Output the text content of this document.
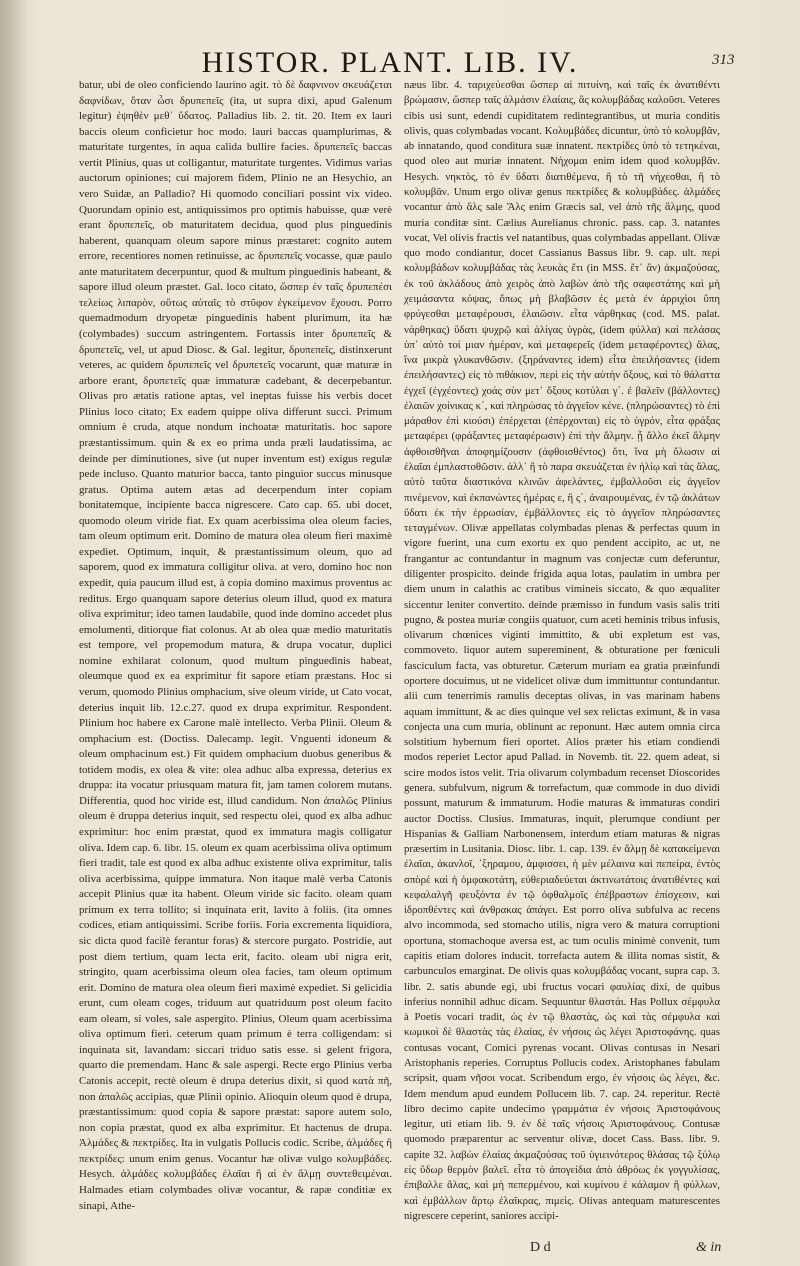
HISTOR. PLANT. LIB. IV.	313

batur, ubi de oleo conficiendo laurino agit. τὸ δὲ δαφνινον σκευάζεται δαφνίδων, ὅταν ὦσι δρυπεπεῖς (ita, ut supra dixi, apud Galenum legitur) ἐψηθὲν μεθ᾽ ὕδατος. Palladius lib. 2. tit. 20. Item ex lauri baccis oleum conficietur hoc modo. lauri baccas quamplurimas, & maturitate turgentes, in aqua calida bullire facies. δρυπεπεῖς baccas vertit Plinius, quas ut colligantur, maturitate turgentes. Vidimus varias auctorum opiniones; cui majorem fidem, Plinio ne an Hesychio, an vero Suidæ, an Palladio? Hi quomodo conciliari possint vix video. Quorundam opinio est, antiquissimos pro optimis habuisse, quæ verè erant δρυπεπεῖς, ob maturitatem decidua, quod plus pinguedinis haberent, quanquam oleum sapore minus præstaret: cognito autem errore, recentiores nomen retinuisse, ac δρυπεπεῖς vocasse, quæ paulo ante maturitatem decerpuntur, quod & multum pinguedinis habeant, & sapore illud oleum præstet. Gal. loco citato, ὥσπερ ἐν ταῖς δρυπεπέσι τελείως λιπαρὸν, οὕτως αὐταῖς τὸ στῦφον ἐγκείμενον ἔχουσι. Porro quemadmodum dryopetæ pinguedinis habent plurimum, ita hæ (colymbades) succum astringentem. Fortassis inter δρυπεπεῖς & δρυπετεῖς, vel, ut apud Diosc. & Gal. legitur, δρυπεπεῖς, distinxerunt veteres, ac quidem δρυπεπεῖς vel δρυπετεῖς vocarunt, quæ maturæ in arbore erant, δρυπετεῖς quæ immaturæ cadebant, & decerpebantur. Olivas pro ætatis ratione aptas, vel ineptas fuisse his verbis docet Plinius loco citato; Ex eadem quippe oliva differunt succi. Primum omnium è cruda, atque nondum inchoatæ maturitatis. hoc sapore præstantissimum. quin & ex eo prima unda præli laudatissima, ac deinde per diminutiones, sive (ut nuper inventum est) exigus regulæ pede incluso. Quanto maturior bacca, tanto pinguior succus minusque gratus. Optima autem ætas ad decerpendum inter copiam bonitatemque, incipiente bacca nigrescere. Cato cap. 65. ubi docet, quomodo oleum viride fiat. Ex quam acerbissima olea oleum facies, tam oleum optimum erit. Domino de matura olea oleum fieri maximè expediet. Optimum, inquit, & præstantissimum oleum, quo ad saporem, quod ex immatura colligitur oliva. at vero, domino hoc non expedit, quia paucum illud est, à copia domino maximus proventus ac reditus. Ergo quanquam sapore deterius oleum illud, quod ex matura oliva exprimitur; ideo tamen laudabile, quod inde domino accedet plus emolumenti, ditiorque fiat colonus. At ab olea quæ medio maturitatis est tempore, vel propemodum matura, & drupa vocatur, duplici nomine exhilarat colonum, quod multum pinguedinis habeat, oleumque quod ex ea exprimitur fit sapore etiam præstans. Hoc si verum, quomodo Plinius omphacium, sive oleum viride, ut Cato vocat, deterius inquit lib. 12.c.27. quod ex drupa exprimitur. Respondent. Plinium hoc habere ex Carone malè intellecto. Verba Plinii. Oleum & omphacium est. (Doctiss. Dalecamp. legit. Vnguenti idoneum & oleum omphacinum est.) Fit quidem omphacium duobus generibus & totidem modis, ex olea & vite: olea adhuc alba expressa, deterius ex druppa: ita vocatur priusquam matura fit, jam tamen colorem mutans. Differentia, quod hoc viride est, illud candidum. Non ἀπαλῶς Plinius oleum è druppa deterius inquit, sed respectu olei, quod ex alba adhuc exprimitur: hoc enim præstat, quod ex immatura magis colligatur oliva. Idem cap. 6. libr. 15. oleum ex quam acerbissima oliva optimum fieri tradit, tale est quod ex alba adhuc existente oliva exprimitur, talis oliva acerbissima, quippe immatura. Non itaque malè verba Catonis accepit Plinius quæ ita habent. Oleum viride sic facito. oleam quam primum ex terra tollito; si inquinata erit, lavito à foliis. (ita omnes codices, etiam antiquissimi. Scribe foriis. Foria excrementa liquidiora, sic dicta quod facilè ferantur foras) & stercore purgato. Postridie, aut post diem tertium, quam lecta erit, facito. oleam ubi nigra erit, stringito, quam acerbissima oleum olea facies, tam oleum optimum erit. Domino de matura olea oleum fieri maximè expediet. Si gelicidia erunt, cum oleam coges, triduum aut quatriduum post oleum facito eam oleam, si voles, sale aspergito. Plinius, Oleum quam acerbissima oliva optimum fieri. ceterum quam primum è terra colligendam: si inquinata sit, lavandam: siccari triduo satis esse. si gelent frigora, quarto die premendam. Hanc & sale aspergi. Recte ergo Plinius verba Catonis accepit, rectè oleum è drupa deterius dixit, si quod κατὰ πῆ, non ἀπαλῶς accipias, quæ Plinii opinio. Alioquin oleum quod è drupa, præstantissimum: quod copia & sapore præstat: sapore autem solo, non copia præstat, quod ex alba exprimitur. Et hactenus de drupa. Ἁλμάδες & πεκτρίδες. Ita in vulgatis Pollucis codic. Scribe, ἁλμάδες ἢ πεκτρίδες: unum enim genus. Vocantur hæ olivæ vulgo κολυμβάδες. Hesych. ἁλμάδες κολυμβάδες ἐλαῖαι ἢ αἱ ἐν ἅλμῃ συντεθειμέναι. Halmades etiam colymbades olivæ vocantur, & rapæ conditiæ ex sinapi, Athe-

næus libr. 4. ταριχεύεσθαι ὥσπερ αἱ πιτυίνη, καὶ ταῖς ἐκ ἀνατιθέντι βρώμασιν, ὥσπερ ταῖς ἁλμάσιν ἐλαίαις, ἃς κολυμβάδας καλοῦσι. Veteres cibis usi sunt, edendi cupiditatem redintegrantibus, ut muria conditis olivis, quas colymbadas vocant. Κολυμβάδες dicuntur, ὑπὸ τὸ κολυμβᾶν, ab innatando, quod conditura suæ innatent. πεκτρίδες ὑπὸ τὸ τετηκέναι, quod oleo aut muriæ innatent. Νήχομαι enim idem quod κολυμβᾶν. Hesych. νηκτὸς, τὸ ἐν ὕδατι διατιθέμενα, ἢ τὸ τῆ νήχεσθαι, ἢ τὸ κολυμβᾶν. Unum ergo olivæ genus πεκτρίδες & κολυμβάδες. ἁλμάδες vocantur ἀπὸ ἅλς sale Ἅλς enim Græcis sal, vel ἀπὸ τῆς ἅλμης, quod muria conditæ sint. Cælius Aurelianus chronic. pass. cap. 3. natantes vocat, Vel olivis fractis vel natantibus, quas colymbadas appellant. Olivæ quo modo condiantur, docet Cassianus Bassus libr. 9. cap. ult. περὶ κολυμβάδων κολυμβάδας τὰς λευκὰς ἔτι (in MSS. ἔτ᾽ ἂν) ἀκμαζούσας, ἐκ τοῦ ἀκλάδους ἀπὸ χειρὸς ἀπὸ λαβὼν ἀπὸ τῆς σαφεστάτης καὶ μὴ χειμάσαντα κόψας, ὅπως μὴ βλαβῶσιν ἐς μετὰ ἐν ἀρριχὶοι ὕπη φρύγεσθαι μεταφέρουσι, ἐλαιῶσιν. εἶτα νάρθηκας (cod. MS. palat. νάρθηκας) ὕδατι ψυχρῷ καὶ ἁλίγας ὑγρὰς, (idem φύλλα) καὶ πελάσας ὑπ᾽ αὐτὸ τοί μιαν ἡμέραν, καὶ μεταφερεῖς (idem μεταφέροντες) ἄλας, ἵνα μικρὰ γλυκανθῶσιν. (ξηράναντες idem) εἶτα ἐπειλήσαντες (idem ἐπειλήσαντες) εἰς τὸ πιθάκιον, περὶ εἰς τὴν αὐτὴν ὄξους, καὶ τὸ θάλαττα ἐγχεῖ (ἐγχέοντες) χοάς σὺν μετ᾽ ὄξους κοτύλαι γ΄. ἐ βαλεῖν (βάλλοντες) ἐλαιῶν χοίνικας κ΄, καὶ πληρώσας τὸ ἀγγεῖον κένε. (πληρώσαντες) τὸ ἐπὶ μάραθον ἐπὶ κιούσι) ἐπέρχεται (ἐπέρχονται) εἰς τὸ ὑγρόν, εἶτα φράξας μεταφέρει (φράξαντες μεταφέρωσιν) ἐπὶ τὴν ἅλμην. ᾗ ἄλλο ἐκεῖ ἅλμην ἀφθοισθῆναι ἀποφημίζουσιν (ἀφθοισθέντος) ὅτι, ἵνα μὴ ὄλωσιν αἱ ἐλαῖαι ἐμπλαστοθῶσιν. ἀλλ᾽ ἢ τὸ παρα σκευάζεται ἐν ἡλίῳ καὶ τὰς ἄλας, αὐτὸ ταῦτα διαστικόνα κλινῶν ἀφελάντες, ἐμβαλλοῦσι εἰς ἀγγεῖον πινέμενον, καὶ ἐκπανώντες ἡμέρας ε, ἢ ς΄, ἀναιρουμένας, ἐν τῷ ἀκλάτων ὕδατι ἐκ τὴν ἐρρωσίαν, ἐμβάλλοντες εἰς τὸ ἀγγεῖον πληρώσαντες τεταγμένων. Olivæ appellatas colymbadas plenas & perfectas quum in vigore fuerint, una cum exortu ex quo pendent accipito, ac ut, ne frangantur ac contundantur in magnum vas conjectæ cum deferuntur, diligenter prospicito. deinde frigida aqua lotas, paulatim in umbra per diem unum in calathis ac cratibus vimineis siccato, & quo æqualiter siccentur leniter convertito. deinde præmisso in fundum vasis salis triti pugno, & postea muriæ congiis quatuor, cum aceti heminis tribus infusis, olivarum chœnices viginti immittito, & ubi expletum est vas, commoveto. liquor autem supereminent, & obturatione per fœniculi fasciculum facta, vas obturetur. Cæterum muriam ea gratia præinfundi oportere docuimus, ut ne videlicet olivæ dum immittuntur contundantur. alii cum tenerrimis ramulis deceptas olivas, in vas marinam habens aquam immittunt, & ac dies quinque vel sex relictas eximunt, & in vasa conjecta una cum muria, oblinunt ac reponunt. Hæc autem omnia circa solstitium hybernum fieri oportet. Alios præter his etiam condiendi modos reperiet Lector apud Pallad. in Novemb. tit. 22. quem adeat, si scire modos istos velit. Tria olivarum colymbadum recenset Dioscorides genera. subfulvum, nigrum & torrefactum, quæ commode in duo dividi possunt, maturum & immaturum. Hodie maturas & immaturas condiri auctor Doctiss. Clusius. Immaturas, inquit, plerumque condiunt per Hispanias & Galliam Narbonensem, interdum etiam maturas & nigras præsertim in Lusitania. Diosc. libr. 1. cap. 139. ἐν ἅλμῃ δὲ κατακείμεναι ἐλαῖαι, ἀκανλοῖ, ᾿ξηραμου, ἀμφισσει, ἡ μὲν μέλαινα καὶ πεπείρα, ἐντὸς σπὸρέ καὶ ἡ ὀμφακοτάτη, εὐθεριαδεύεται ἀκτινωτάτοις ἀνατιθέντες καὶ κεφαλαλγῆ φευξόντα ἐν τῷ ὀφθαλμοῖς ἐπέβραστων ἐπίσχεσιν, καὶ ἰδροπθέντες καὶ ἀνθρακας ἀπάγει. Est porro oliva subfulva ac recens alvo incommoda, sed stomacho utilis, nigra vero & matura corruptioni oportuna, stomachoque aversa est, ac tum oculis minimè convenit, tum capitis etiam dolores inducit. torrefacta autem & illita nomas sistit, & carbunculos emarginat. De olivis quas κολυμβάδας vocant, supra cap. 3. libr. 2. satis abunde egi, ubi fructus vocari φαυλίας dixi, de quibus inferius nonnihil adhuc dicam. Sequuntur θλαστάι. Has Pollux σέμφυλα à Poetis vocari tradit, ὡς ἐν τῷ θλαστὰς, ὡς καὶ τὰς σέμφυλα καὶ κωμικοὶ δὲ θλαστὰς τὰς ἐλαίας, ἐν νήσοις ὡς λέγει Ἀριστοφάνης. quas contusas vocant, Comici pyrenas vocant. Olivas contusas in Nesari Aristophanis reperies. Corruptus Pollucis codex. Aristophanes fabulam scripsit, quam νῆσοι vocat. Scribendum ergo, ἐν νήσοις ὡς λέγει, &c. Idem mendum apud eundem Pollucem lib. 7. cap. 24. reperitur. Rectè libro decimo capite undecimo γραμμάτια ἐν νήσοις Ἀριστοφάνους legitur, uti etiam lib. 9. ἐν δὲ ταῖς νήσοις Ἀριστοφάνους. Contusæ quomodo præparentur ac serventur olivæ, docet Cass. Bass. libr. 9. capite 32. λαβὼν ἐλαίας ἀκμαζούσας τοῦ ὑγιεινότερος θλάσας τῷ ξύλῳ εἰς ὕδωρ θερμὸν βαλεῖ. εἶτα τὸ ἀπογείδια ἀπὸ ἀθρόως ἐκ γογγυλίσας, ἐπιβαλλε ἄλας, καὶ μὴ πεπερμένου, καὶ κυμίνου ἐ κάλαμον ἢ φύλλων, καὶ ἐμβάλλων ἄρτῳ ἐλαῖκρας, πιμεὶς. Olivas antequam maturescentes nigrescere ceperint, saniores accipi-

D d	& in
